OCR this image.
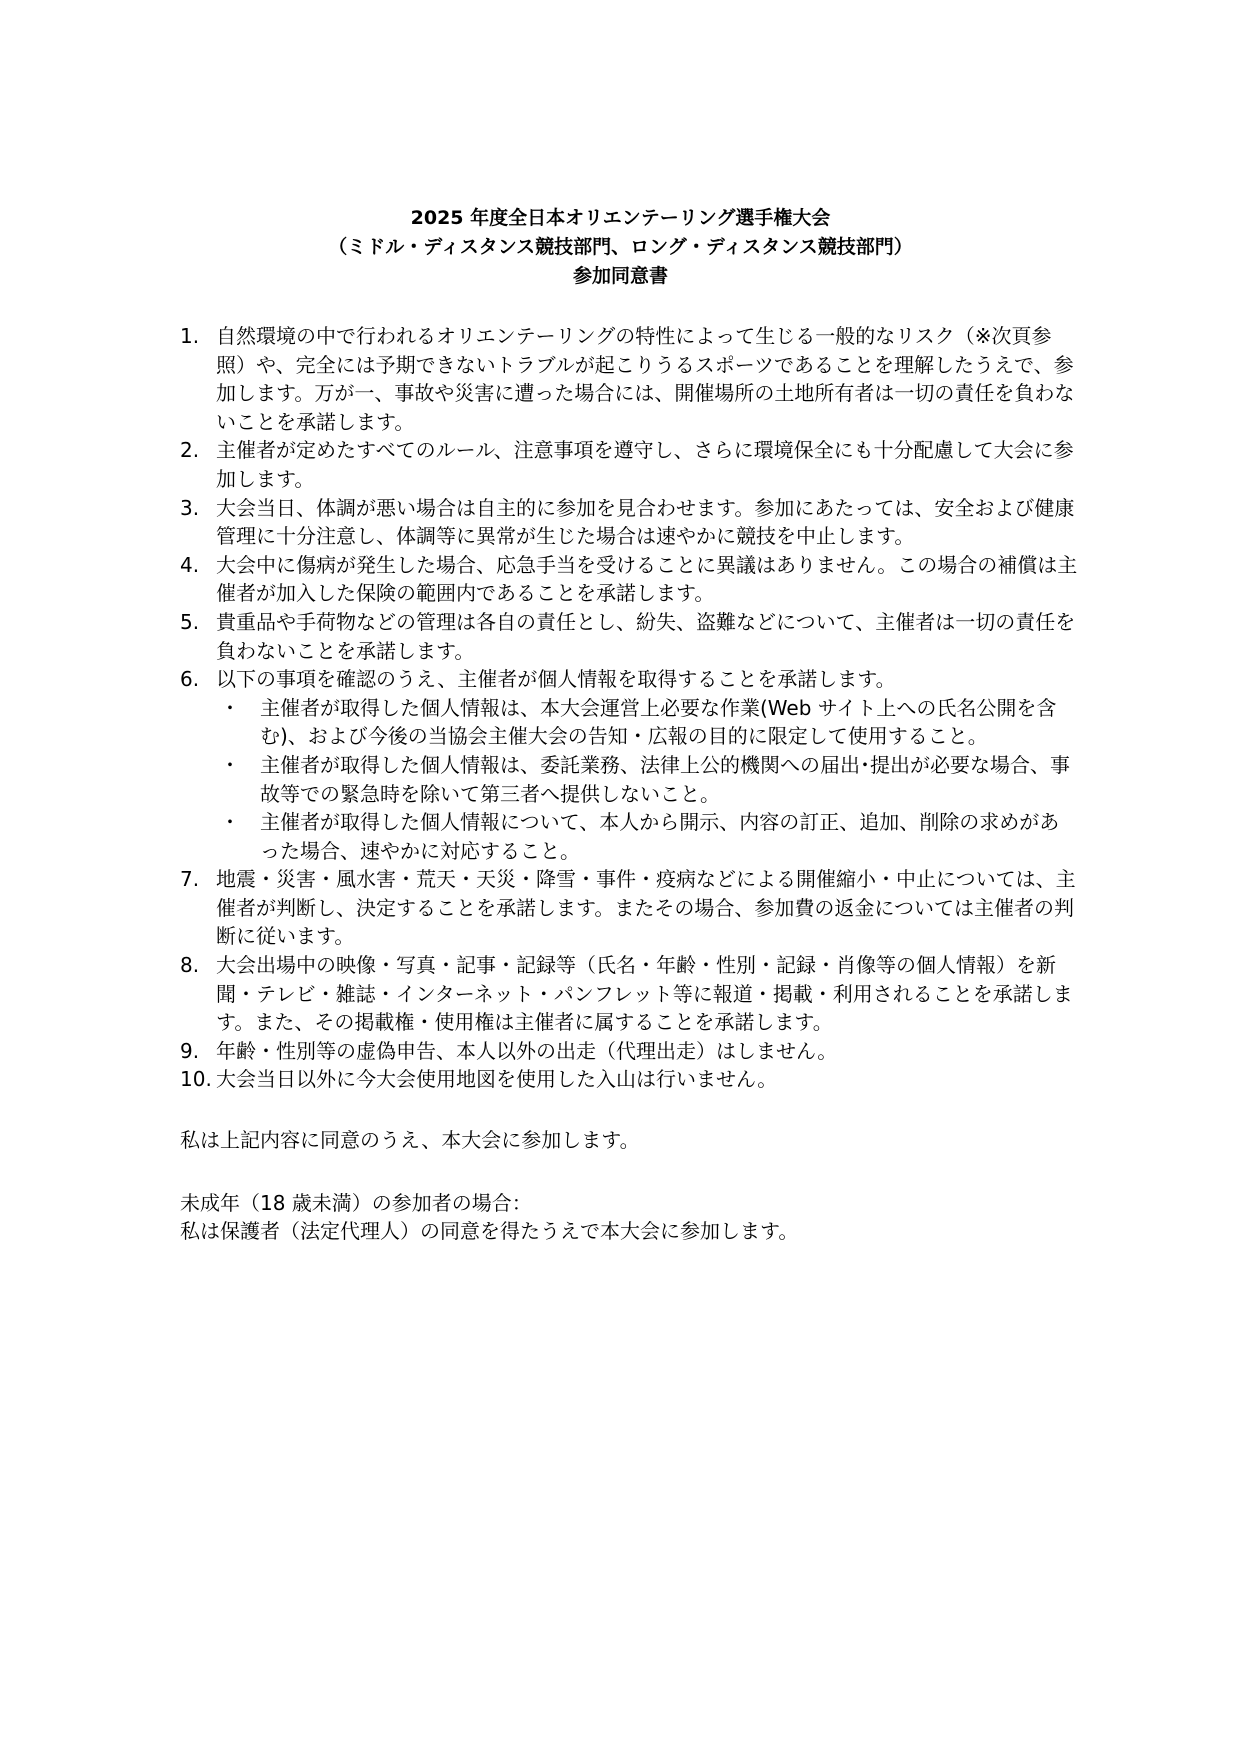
2025 年度全日本オリエンテーリング選手権大会
（ミドル・ディスタンス競技部門、ロング・ディスタンス競技部門）
参加同意書
1. 自然環境の中で行われるオリエンテーリングの特性によって生じる一般的なリスク（※次頁参照）や、完全には予期できないトラブルが起こりうるスポーツであることを理解したうえで、参加します。万が一、事故や災害に遭った場合には、開催場所の土地所有者は一切の責任を負わないことを承諾します。
2. 主催者が定めたすべてのルール、注意事項を遵守し、さらに環境保全にも十分配慮して大会に参加します。
3. 大会当日、体調が悪い場合は自主的に参加を見合わせます。参加にあたっては、安全および健康管理に十分注意し、体調等に異常が生じた場合は速やかに競技を中止します。
4. 大会中に傷病が発生した場合、応急手当を受けることに異議はありません。この場合の補償は主催者が加入した保険の範囲内であることを承諾します。
5. 貴重品や手荷物などの管理は各自の責任とし、紛失、盗難などについて、主催者は一切の責任を負わないことを承諾します。
6. 以下の事項を確認のうえ、主催者が個人情報を取得することを承諾します。
・ 主催者が取得した個人情報は、本大会運営上必要な作業(Web サイト上への氏名公開を含む)、および今後の当協会主催大会の告知・広報の目的に限定して使用すること。
・ 主催者が取得した個人情報は、委託業務、法律上公的機関への届出･提出が必要な場合、事故等での緊急時を除いて第三者へ提供しないこと。
・ 主催者が取得した個人情報について、本人から開示、内容の訂正、追加、削除の求めがあった場合、速やかに対応すること。
7. 地震・災害・風水害・荒天・天災・降雪・事件・疫病などによる開催縮小・中止については、主催者が判断し、決定することを承諾します。またその場合、参加費の返金については主催者の判断に従います。
8. 大会出場中の映像・写真・記事・記録等（氏名・年齢・性別・記録・肖像等の個人情報）を新聞・テレビ・雑誌・インターネット・パンフレット等に報道・掲載・利用されることを承諾します。また、その掲載権・使用権は主催者に属することを承諾します。
9. 年齢・性別等の虚偽申告、本人以外の出走（代理出走）はしません。
10. 大会当日以外に今大会使用地図を使用した入山は行いません。
私は上記内容に同意のうえ、本大会に参加します。
未成年（18 歳未満）の参加者の場合：
私は保護者（法定代理人）の同意を得たうえで本大会に参加します。
